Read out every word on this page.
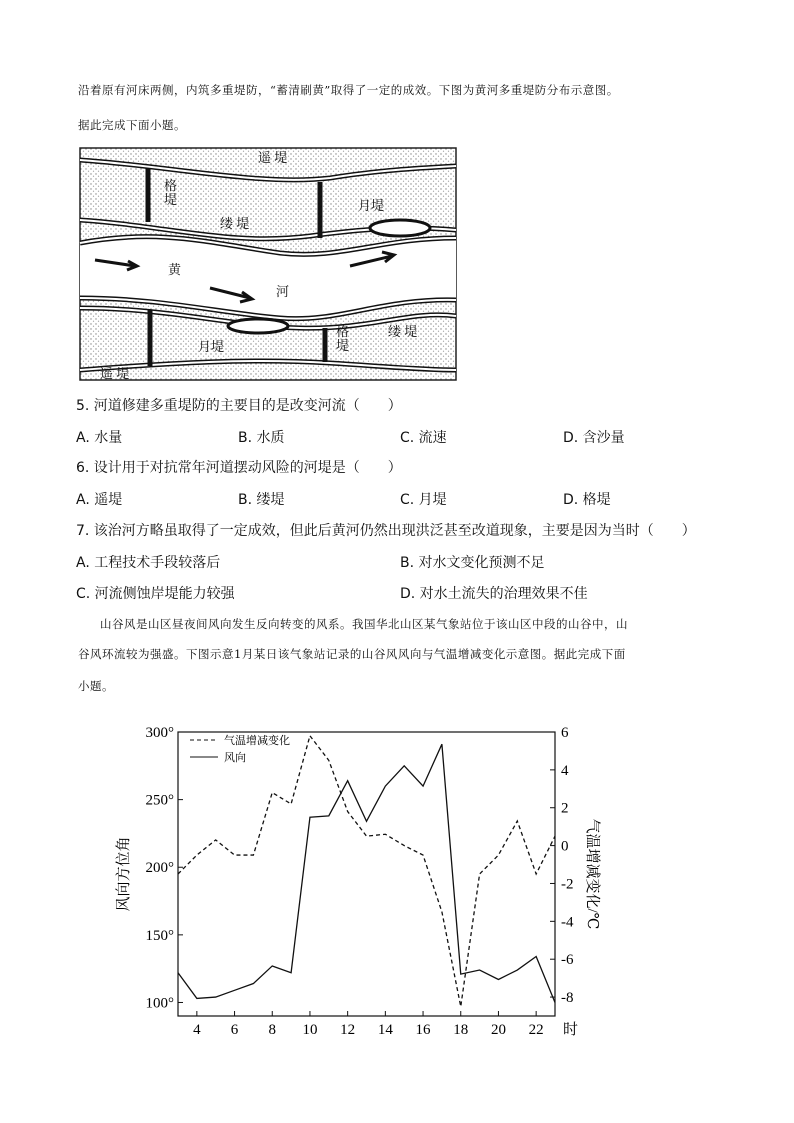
沿着原有河床两侧，内筑多重堤防，“蓄清刷黄”取得了一定的成效。下图为黄河多重堤防分布示意图。
据此完成下面小题。
遥 堤
格
堤	月堤
缕 堤
黄
河
月堤
格
堤
缕 堤
遥 堤
5. 河道修建多重堤防的主要目的是改变河流（　　）
A. 水量	B. 水质	C. 流速	D. 含沙量
6. 设计用于对抗常年河道摆动风险的河堤是（　　）
A. 遥堤	B. 缕堤	C. 月堤	D. 格堤
7. 该治河方略虽取得了一定成效，但此后黄河仍然出现洪泛甚至改道现象，主要是因为当时（　　）
A. 工程技术手段较落后	B. 对水文变化预测不足
C. 河流侧蚀岸堤能力较强	D. 对水土流失的治理效果不佳
山谷风是山区昼夜间风向发生反向转变的风系。我国华北山区某气象站位于该山区中段的山谷中，山
谷风环流较为强盛。下图示意1月某日该气象站记录的山谷风风向与气温增减变化示意图。据此完成下面
小题。
4 6 8 10 12 14 16 18 20 22 时
300°
250°
200°
150°
100°
6
4
2
0
-2
-4
-6
-8
风向方位角	气温增减变化/℃
气温增减变化
风向
